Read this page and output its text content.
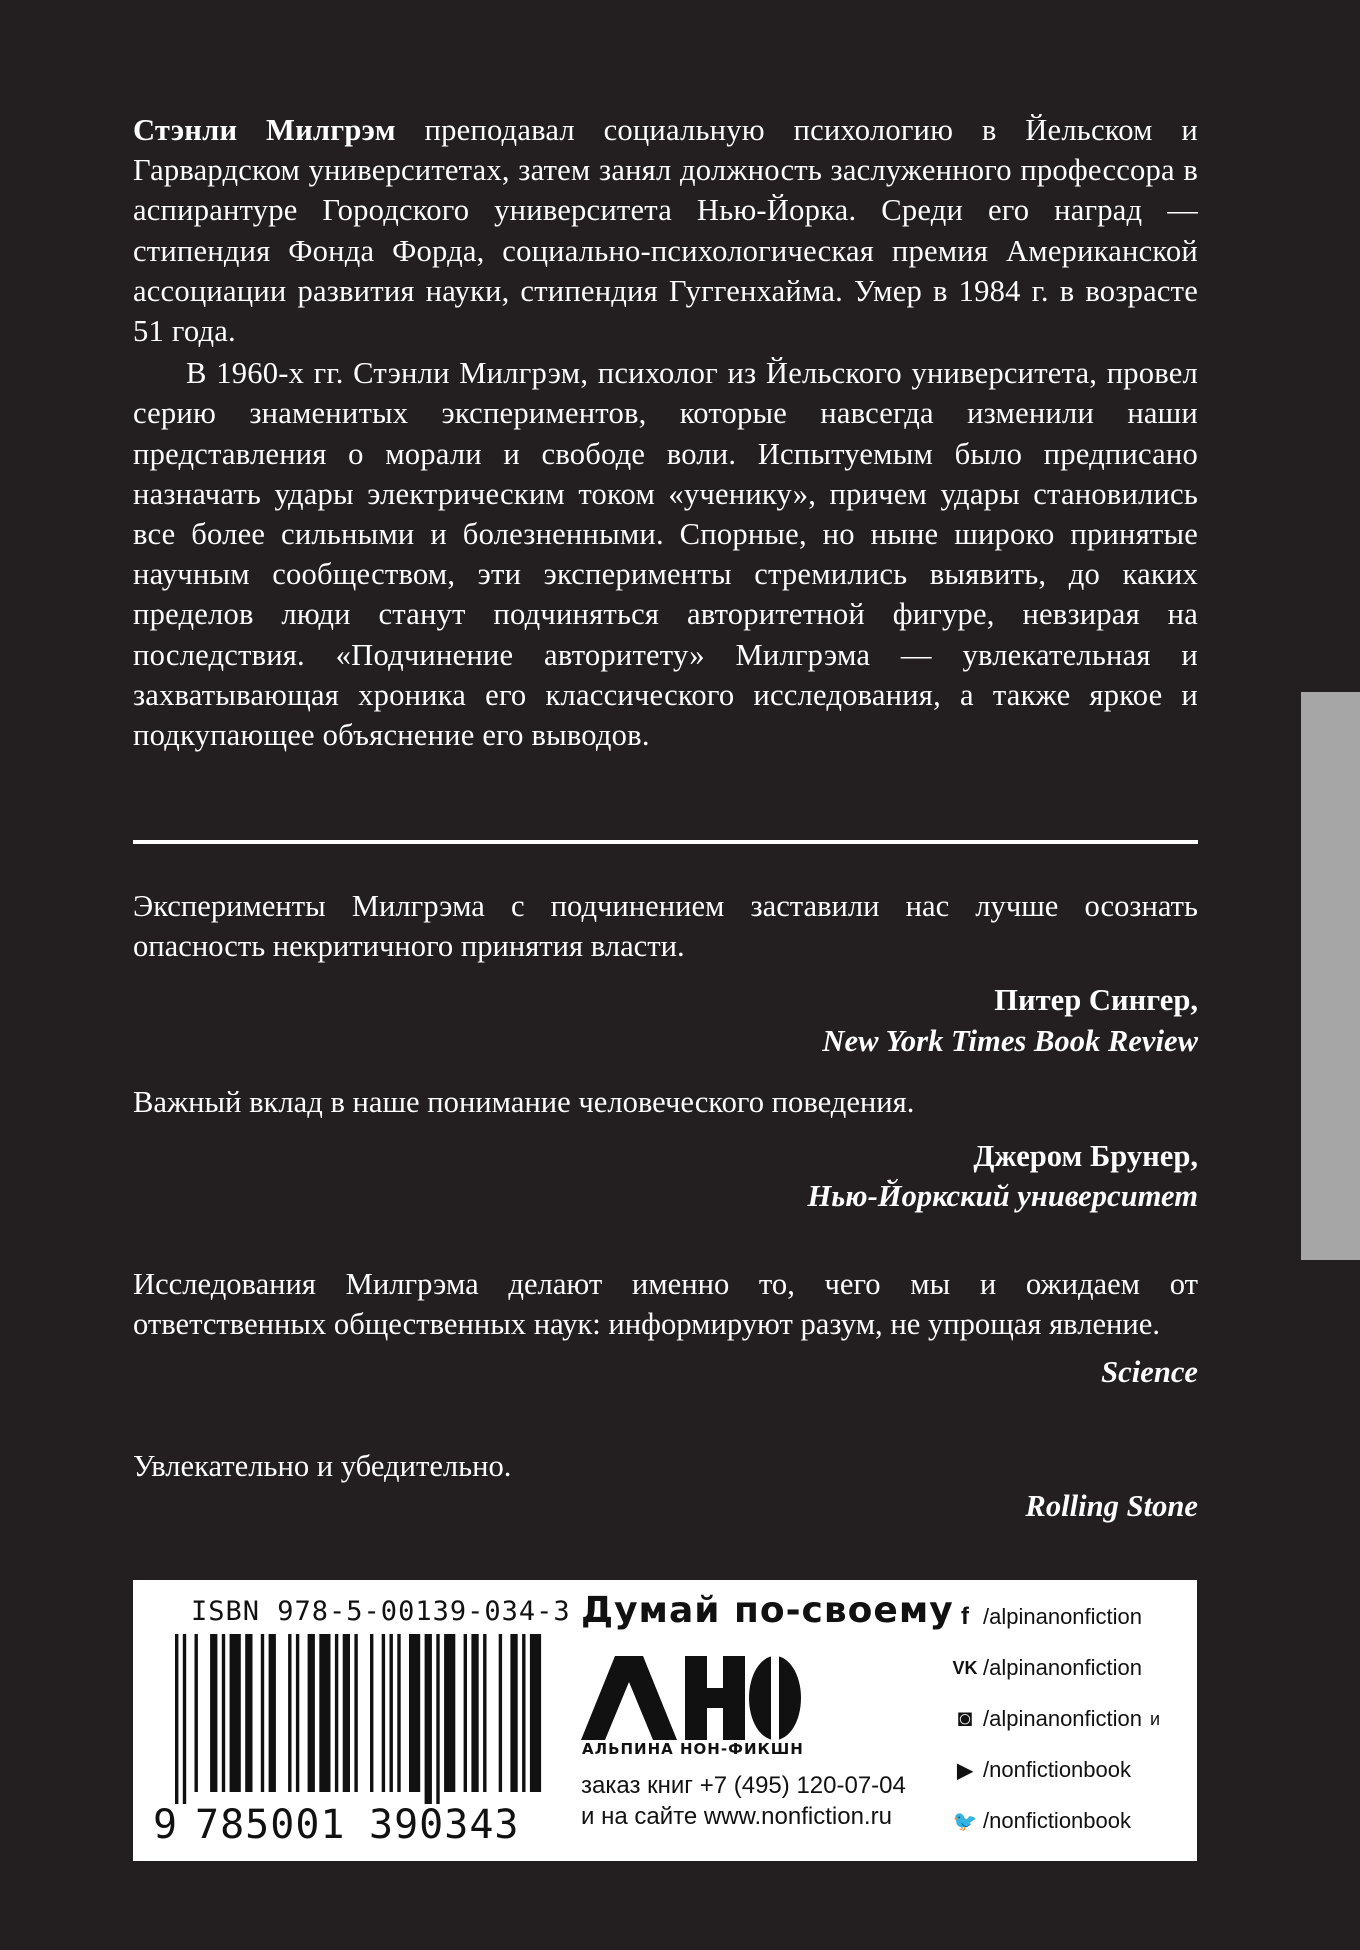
Стэнли Милгрэм преподавал социальную психологию в Йельском и Гарвардском университетах, затем занял должность заслуженного профессора в аспирантуре Городского университета Нью-Йорка. Среди его наград — стипендия Фонда Форда, социально-психологическая премия Американской ассоциации развития науки, стипендия Гуггенхайма. Умер в 1984 г. в возрасте 51 года.

В 1960-х гг. Стэнли Милгрэм, психолог из Йельского университета, провел серию знаменитых экспериментов, которые навсегда изменили наши представления о морали и свободе воли. Испытуемым было предписано назначать удары электрическим током «ученику», причем удары становились все более сильными и болезненными. Спорные, но ныне широко принятые научным сообществом, эти эксперименты стремились выявить, до каких пределов люди станут подчиняться авторитетной фигуре, невзирая на последствия. «Подчинение авторитету» Милгрэма — увлекательная и захватывающая хроника его классического исследования, а также яркое и подкупающее объяснение его выводов.

Эксперименты Милгрэма с подчинением заставили нас лучше осознать опасность некритичного принятия власти.

Питер Сингер,
New York Times Book Review

Важный вклад в наше понимание человеческого поведения.

Джером Брунер,
Нью-Йоркский университет

Исследования Милгрэма делают именно то, чего мы и ожидаем от ответственных общественных наук: информируют разум, не упрощая явление.

Science

Увлекательно и убедительно.

Rolling Stone
ISBN 978-5-00139-034-3
9 785001 390343
Думай по-своему
АЛЬПИНА НОН-ФИКШН
заказ книг +7 (495) 120-07-04
и на сайте www.nonfiction.ru
f /alpinanonfiction
VK /alpinanonfiction
◙ /alpinanonfiction и
▶ /nonfictionbook
🐦 /nonfictionbook
